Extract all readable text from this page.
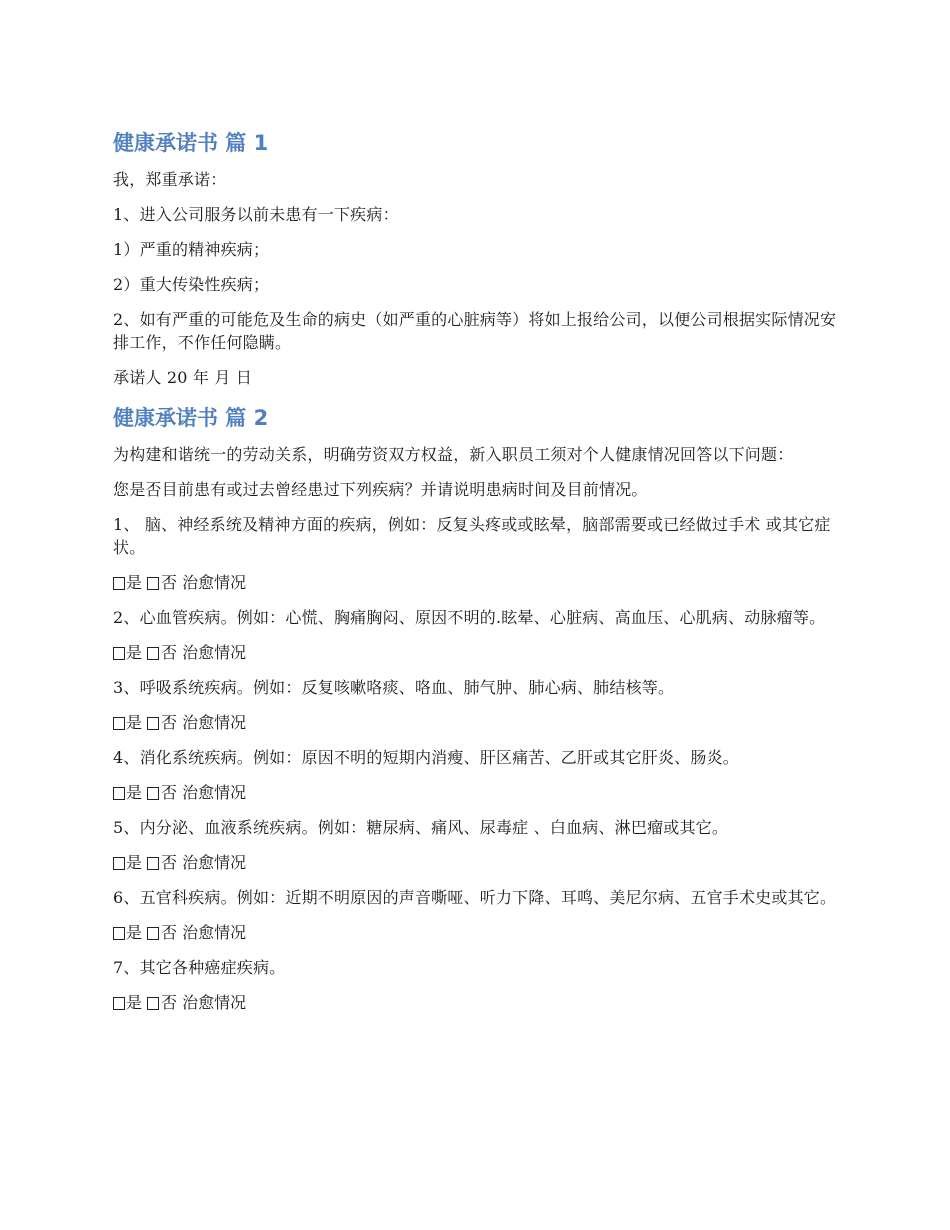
健康承诺书 篇 1

我，郑重承诺：

1、进入公司服务以前未患有一下疾病：

1）严重的精神疾病；

2）重大传染性疾病；

2、如有严重的可能危及生命的病史（如严重的心脏病等）将如上报给公司，以便公司根据实际情况安排工作，不作任何隐瞒。

承诺人 20 年 月 日

健康承诺书 篇 2

为构建和谐统一的劳动关系，明确劳资双方权益，新入职员工须对个人健康情况回答以下问题：

您是否目前患有或过去曾经患过下列疾病？并请说明患病时间及目前情况。

1、 脑、神经系统及精神方面的疾病，例如：反复头疼或或眩晕，脑部需要或已经做过手术 或其它症状。

是 否 治愈情况

2、心血管疾病。例如：心慌、胸痛胸闷、原因不明的.眩晕、心脏病、高血压、心肌病、动脉瘤等。

是 否 治愈情况

3、呼吸系统疾病。例如：反复咳嗽咯痰、咯血、肺气肿、肺心病、肺结核等。

是 否 治愈情况

4、消化系统疾病。例如：原因不明的短期内消瘦、肝区痛苦、乙肝或其它肝炎、肠炎。

是 否 治愈情况

5、内分泌、血液系统疾病。例如：糖尿病、痛风、尿毒症 、白血病、淋巴瘤或其它。

是 否 治愈情况

6、五官科疾病。例如：近期不明原因的声音嘶哑、听力下降、耳鸣、美尼尔病、五官手术史或其它。

是 否 治愈情况

7、其它各种癌症疾病。

是 否 治愈情况
